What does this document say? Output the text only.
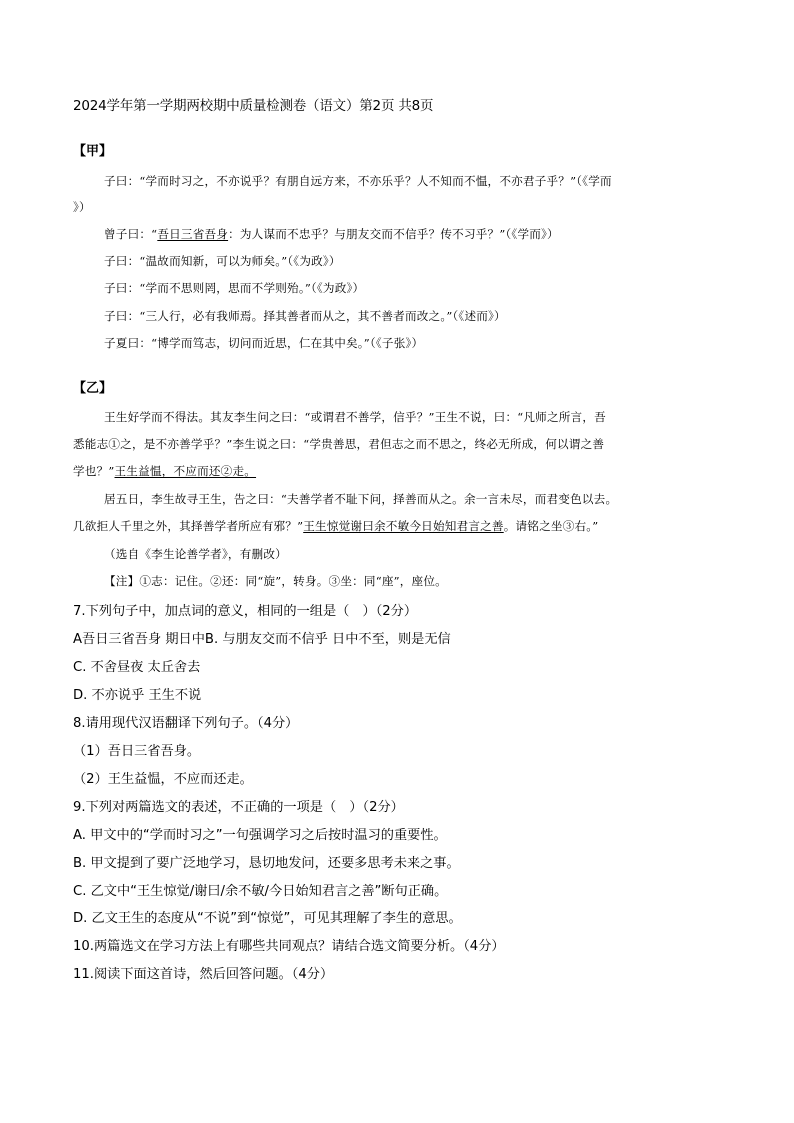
2024学年第一学期两校期中质量检测卷（语文）第2页 共8页
【甲】
子曰：“学而时习之，不亦说乎？有朋自远方来，不亦乐乎？人不知而不愠，不亦君子乎？”（《学而
》）
曾子曰：“吾日三省吾身：为人谋而不忠乎？与朋友交而不信乎？传不习乎？”（《学而》）
子曰：“温故而知新，可以为师矣。”（《为政》）
子曰：“学而不思则罔，思而不学则殆。”（《为政》）
子曰：“三人行，必有我师焉。择其善者而从之，其不善者而改之。”（《述而》）
子夏曰：“博学而笃志，切问而近思，仁在其中矣。”（《子张》）
【乙】
王生好学而不得法。其友李生问之曰：“或谓君不善学，信乎？”王生不说，曰：“凡师之所言，吾
悉能志①之，是不亦善学乎？”李生说之曰：“学贵善思，君但志之而不思之，终必无所成，何以谓之善
学也？”王生益愠，不应而还②走。
居五日，李生故寻王生，告之曰：“夫善学者不耻下问，择善而从之。余一言未尽，而君变色以去。
几欲拒人千里之外，其择善学者所应有邪？”王生惊觉谢曰余不敏今日始知君言之善。请铭之坐③右。”
（选自《李生论善学者》，有删改）
【注】①志：记住。②还：同“旋”，转身。③坐：同“座”，座位。
7.下列句子中，加点词的意义，相同的一组是（　）（2分）
A吾日三省吾身 期日中B. 与朋友交而不信乎 日中不至，则是无信
C. 不舍昼夜 太丘舍去
D. 不亦说乎 王生不说
8.请用现代汉语翻译下列句子。（4分）
（1）吾日三省吾身。
（2）王生益愠，不应而还走。
9.下列对两篇选文的表述，不正确的一项是（　）（2分）
A. 甲文中的“学而时习之”一句强调学习之后按时温习的重要性。
B. 甲文提到了要广泛地学习，恳切地发问，还要多思考未来之事。
C. 乙文中“王生惊觉/谢曰/余不敏/今日始知君言之善”断句正确。
D. 乙文王生的态度从“不说”到“惊觉”，可见其理解了李生的意思。
10.两篇选文在学习方法上有哪些共同观点？请结合选文简要分析。（4分）
11.阅读下面这首诗，然后回答问题。（4分）
